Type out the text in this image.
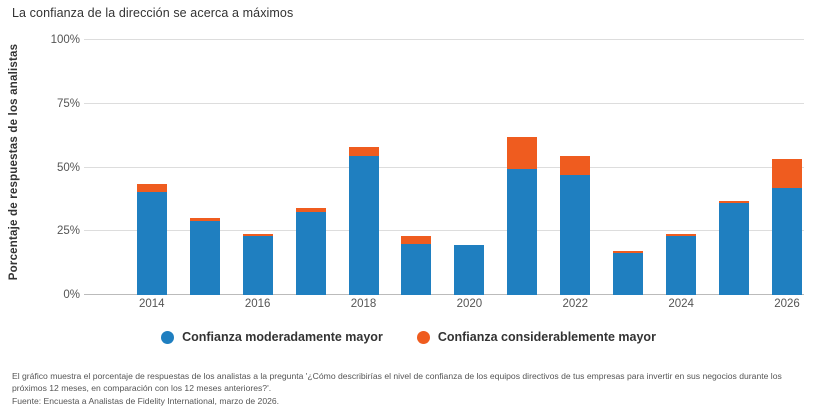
La confianza de la dirección se acerca a máximos
Porcentaje de respuestas de los analistas
0%
25%
50%
75%
100%
2014	2016	2018	2020	2022	2024	2026
Confianza moderadamente mayor	Confianza considerablemente mayor
El gráfico muestra el porcentaje de respuestas de los analistas a la pregunta '¿Cómo describirías el nivel de confianza de los equipos directivos de tus empresas para invertir en sus negocios durante los
próximos 12 meses, en comparación con los 12 meses anteriores?'.
Fuente: Encuesta a Analistas de Fidelity International, marzo de 2026.
